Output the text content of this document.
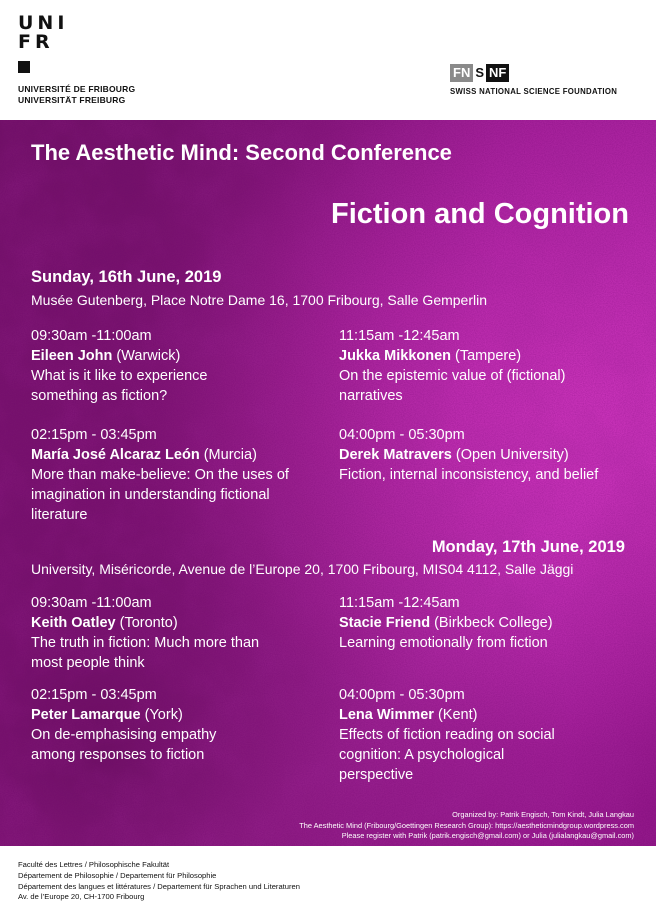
UNI
FR
UNIVERSITÉ DE FRIBOURG
UNIVERSITÄT FREIBURG
FN S NF
SWISS NATIONAL SCIENCE FOUNDATION
The Aesthetic Mind: Second Conference
Fiction and Cognition
Sunday, 16th June, 2019
Musée Gutenberg, Place Notre Dame 16, 1700 Fribourg, Salle Gemperlin
09:30am -11:00am
Eileen John (Warwick)
What is it like to experience something as fiction?
11:15am -12:45am
Jukka Mikkonen (Tampere)
On the epistemic value of (fictional) narratives
02:15pm - 03:45pm
María José Alcaraz León (Murcia)
More than make-believe: On the uses of imagination in understanding fictional literature
04:00pm - 05:30pm
Derek Matravers (Open University)
Fiction, internal inconsistency, and belief
Monday, 17th June, 2019
University, Miséricorde, Avenue de l’Europe 20, 1700 Fribourg, MIS04 4112, Salle Jäggi
09:30am -11:00am
Keith Oatley (Toronto)
The truth in fiction: Much more than most people think
11:15am -12:45am
Stacie Friend (Birkbeck College)
Learning emotionally from fiction
02:15pm - 03:45pm
Peter Lamarque (York)
On de-emphasising empathy among responses to fiction
04:00pm - 05:30pm
Lena Wimmer (Kent)
Effects of fiction reading on social cognition: A psychological perspective
Organized by: Patrik Engisch, Tom Kindt, Julia Langkau
The Aesthetic Mind (Fribourg/Goettingen Research Group): https://aestheticmindgroup.wordpress.com
Please register with Patrik (patrik.engisch@gmail.com) or Julia (julialangkau@gmail.com)
Faculté des Lettres / Philosophische Fakultät
Département de Philosophie / Departement für Philosophie
Département des langues et littératures / Departement für Sprachen und Literaturen
Av. de l’Europe 20, CH-1700 Fribourg
